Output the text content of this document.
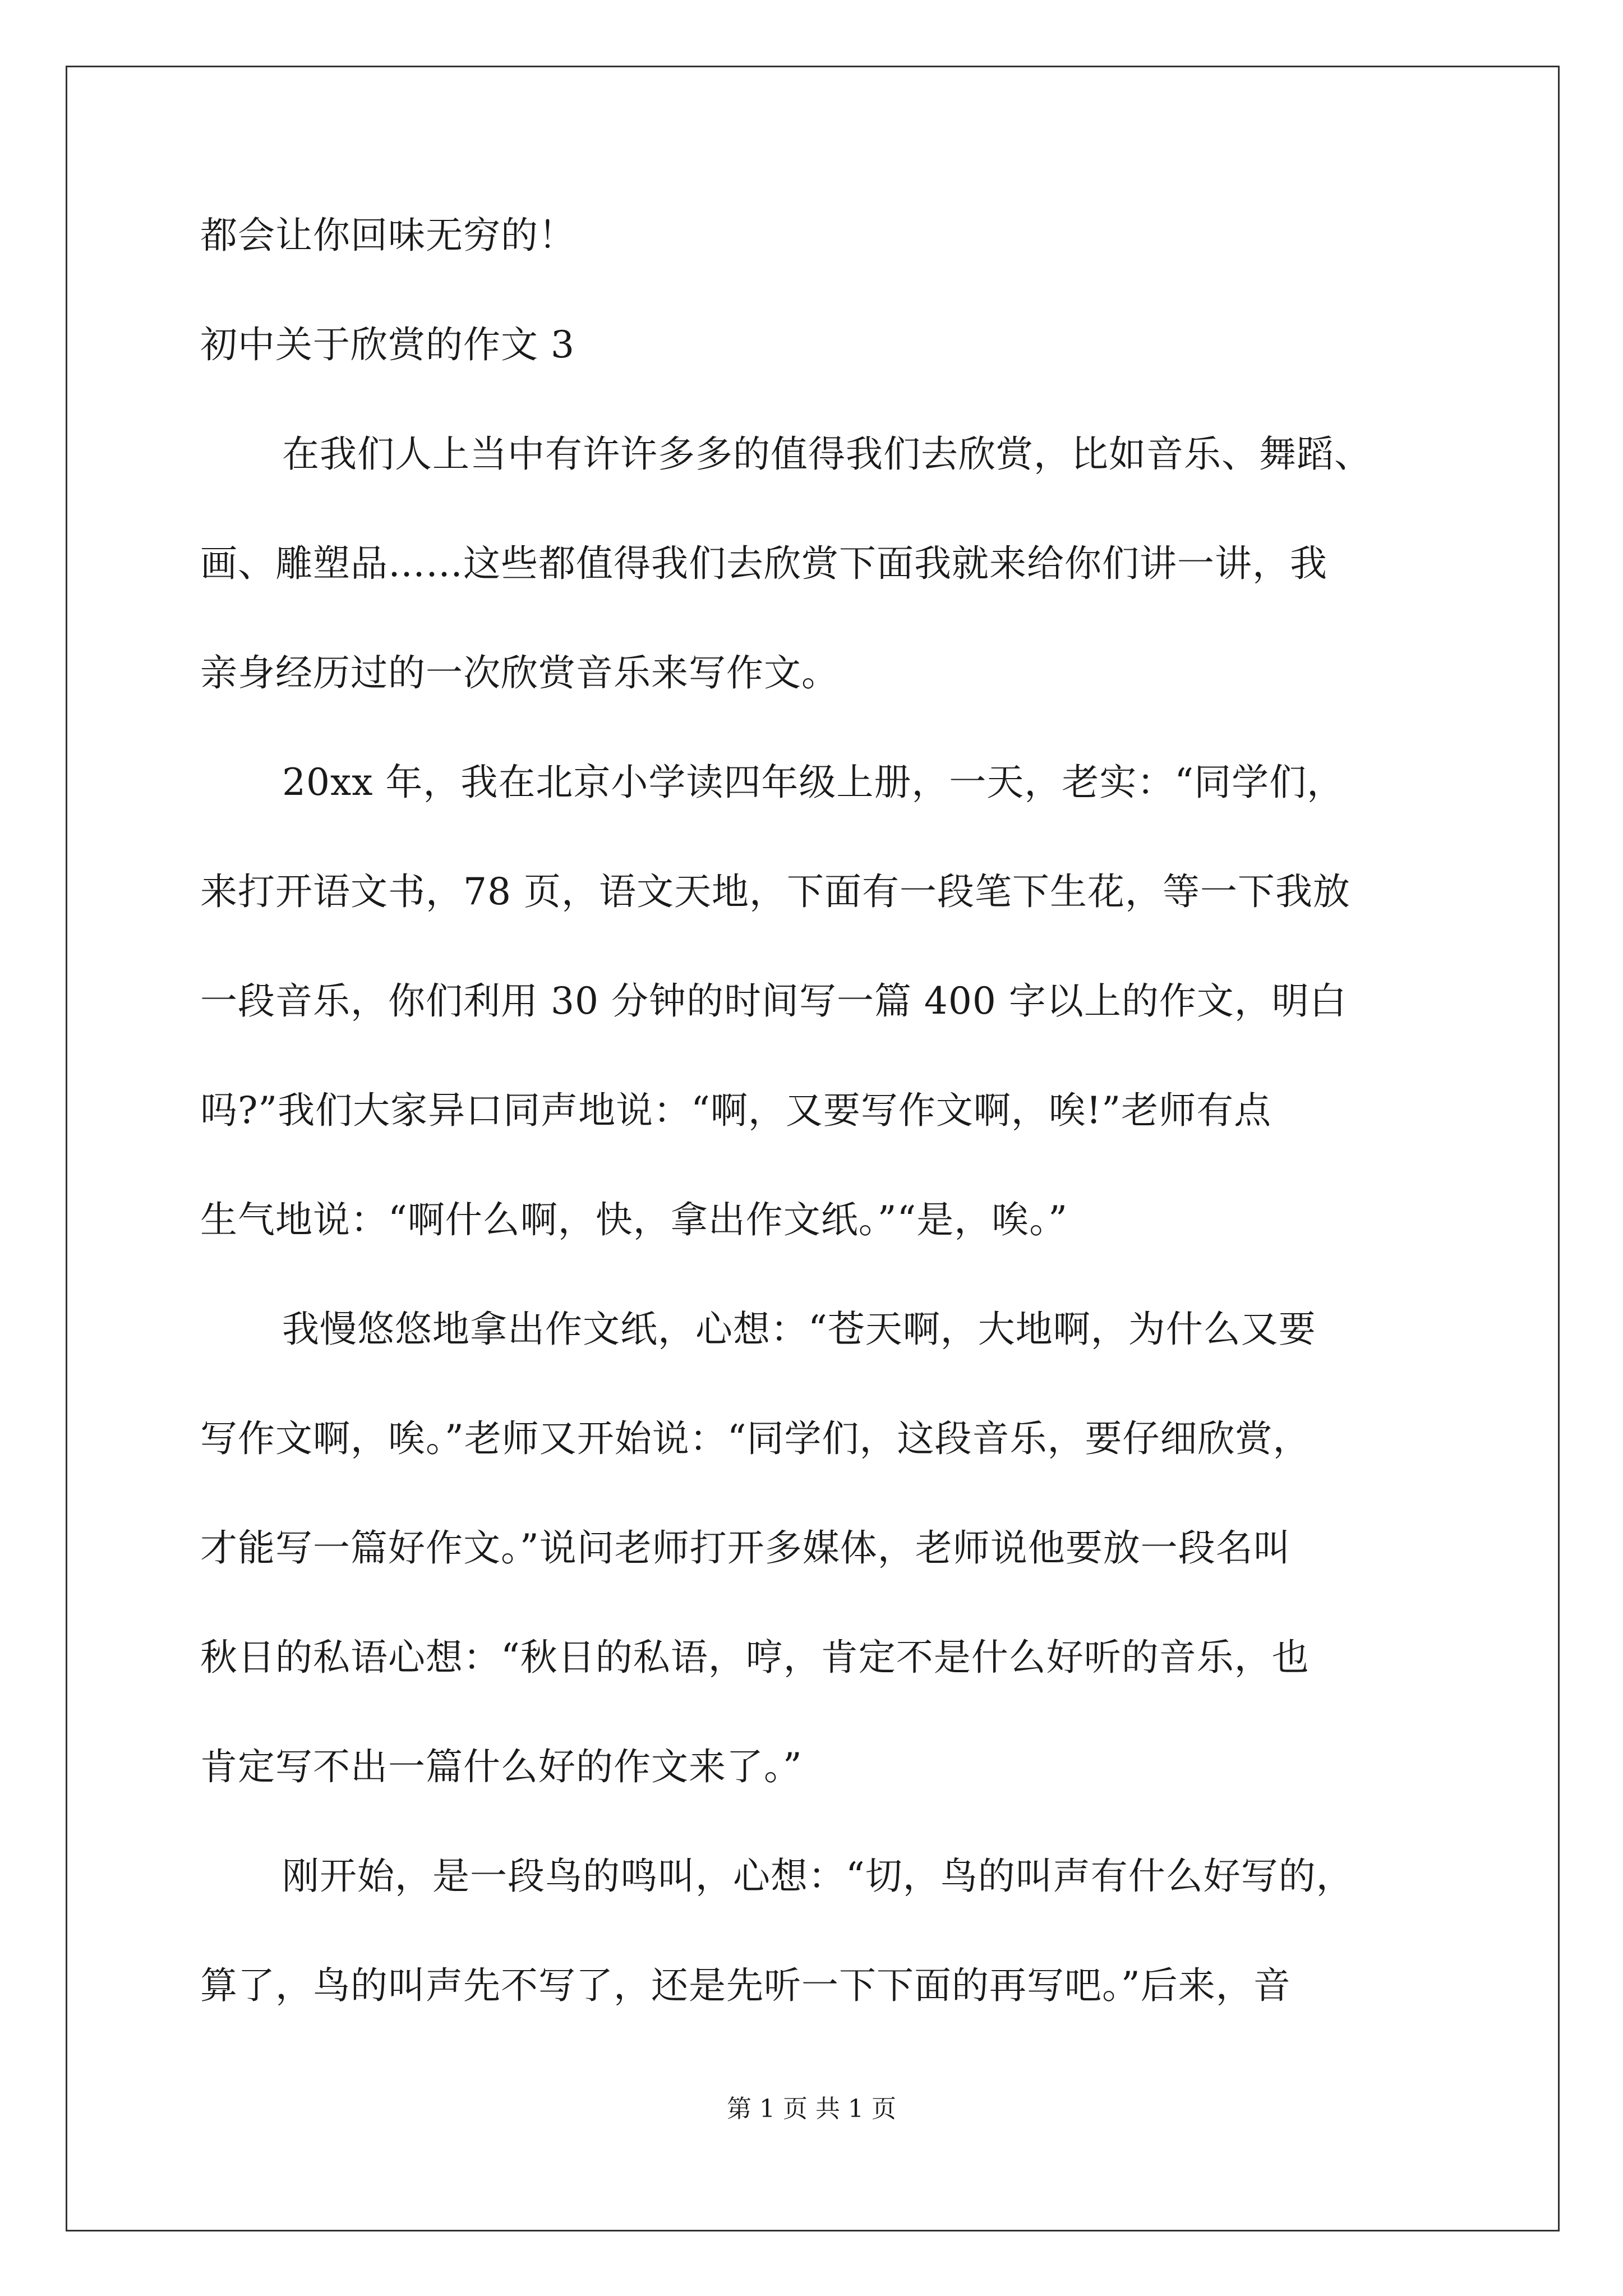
都会让你回味无穷的！
初中关于欣赏的作文 3
在我们人上当中有许许多多的值得我们去欣赏，比如音乐、舞蹈、
画、雕塑品……这些都值得我们去欣赏下面我就来给你们讲一讲，我
亲身经历过的一次欣赏音乐来写作文。
20xx 年，我在北京小学读四年级上册，一天，老实：“同学们，
来打开语文书，78 页，语文天地，下面有一段笔下生花，等一下我放
一段音乐，你们利用 30 分钟的时间写一篇 400 字以上的作文，明白
吗?”我们大家异口同声地说：“啊，又要写作文啊，唉!”老师有点
生气地说：“啊什么啊，快，拿出作文纸。”“是，唉。”
我慢悠悠地拿出作文纸，心想：“苍天啊，大地啊，为什么又要
写作文啊，唉。”老师又开始说：“同学们，这段音乐，要仔细欣赏，
才能写一篇好作文。”说问老师打开多媒体，老师说他要放一段名叫
秋日的私语心想：“秋日的私语，哼，肯定不是什么好听的音乐，也
肯定写不出一篇什么好的作文来了。”
刚开始，是一段鸟的鸣叫，心想：“切，鸟的叫声有什么好写的，
算了，鸟的叫声先不写了，还是先听一下下面的再写吧。”后来，音
第 1 页 共 1 页
